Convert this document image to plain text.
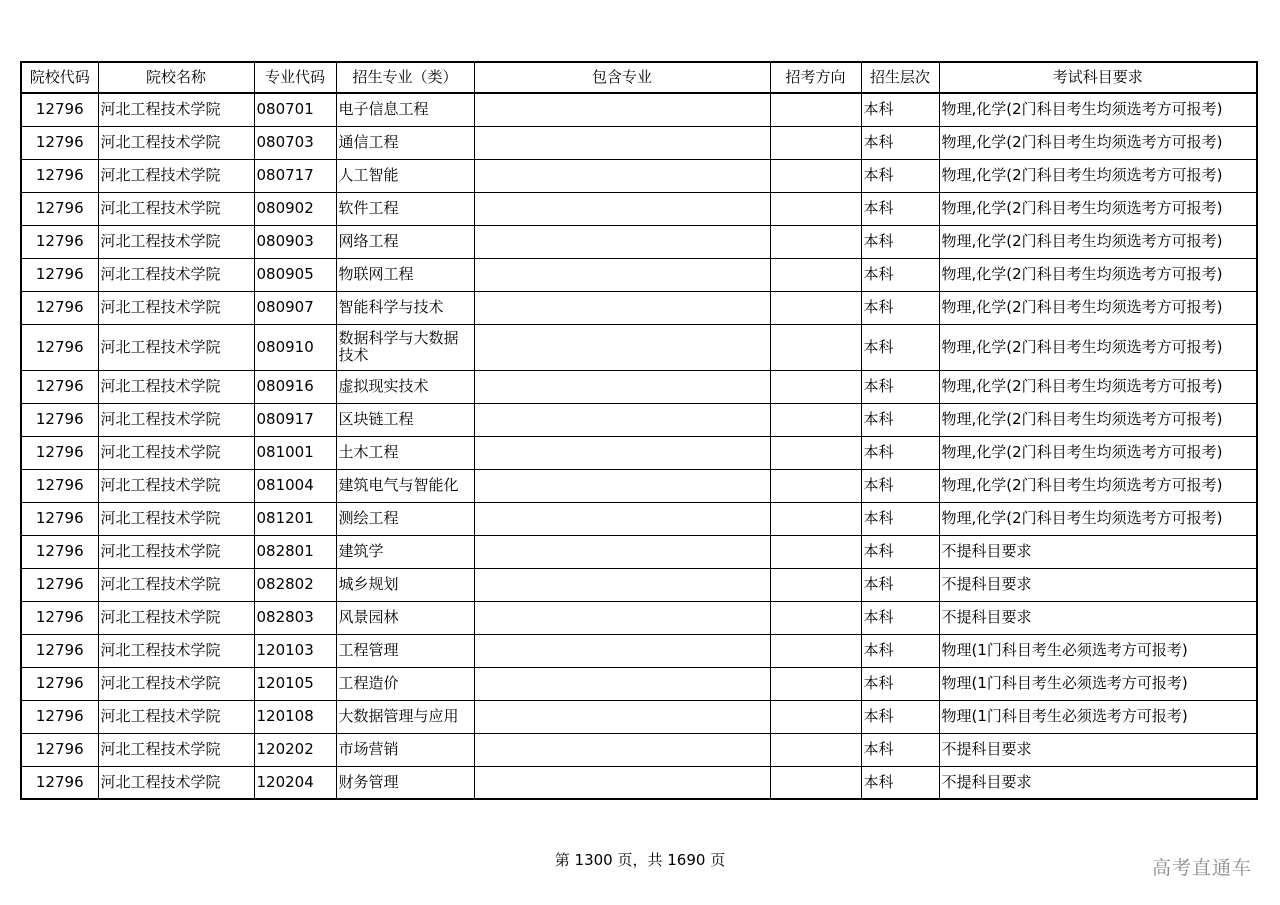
院校代码	院校名称	专业代码	招生专业（类）	包含专业	招考方向	招生层次	考试科目要求
12796	河北工程技术学院	080701	电子信息工程			本科	物理,化学(2门科目考生均须选考方可报考)
12796	河北工程技术学院	080703	通信工程			本科	物理,化学(2门科目考生均须选考方可报考)
12796	河北工程技术学院	080717	人工智能			本科	物理,化学(2门科目考生均须选考方可报考)
12796	河北工程技术学院	080902	软件工程			本科	物理,化学(2门科目考生均须选考方可报考)
12796	河北工程技术学院	080903	网络工程			本科	物理,化学(2门科目考生均须选考方可报考)
12796	河北工程技术学院	080905	物联网工程			本科	物理,化学(2门科目考生均须选考方可报考)
12796	河北工程技术学院	080907	智能科学与技术			本科	物理,化学(2门科目考生均须选考方可报考)
12796	河北工程技术学院	080910	数据科学与大数据技术			本科	物理,化学(2门科目考生均须选考方可报考)
12796	河北工程技术学院	080916	虚拟现实技术			本科	物理,化学(2门科目考生均须选考方可报考)
12796	河北工程技术学院	080917	区块链工程			本科	物理,化学(2门科目考生均须选考方可报考)
12796	河北工程技术学院	081001	土木工程			本科	物理,化学(2门科目考生均须选考方可报考)
12796	河北工程技术学院	081004	建筑电气与智能化			本科	物理,化学(2门科目考生均须选考方可报考)
12796	河北工程技术学院	081201	测绘工程			本科	物理,化学(2门科目考生均须选考方可报考)
12796	河北工程技术学院	082801	建筑学			本科	不提科目要求
12796	河北工程技术学院	082802	城乡规划			本科	不提科目要求
12796	河北工程技术学院	082803	风景园林			本科	不提科目要求
12796	河北工程技术学院	120103	工程管理			本科	物理(1门科目考生必须选考方可报考)
12796	河北工程技术学院	120105	工程造价			本科	物理(1门科目考生必须选考方可报考)
12796	河北工程技术学院	120108	大数据管理与应用			本科	物理(1门科目考生必须选考方可报考)
12796	河北工程技术学院	120202	市场营销			本科	不提科目要求
12796	河北工程技术学院	120204	财务管理			本科	不提科目要求
第 1300 页，共 1690 页	高考直通车
